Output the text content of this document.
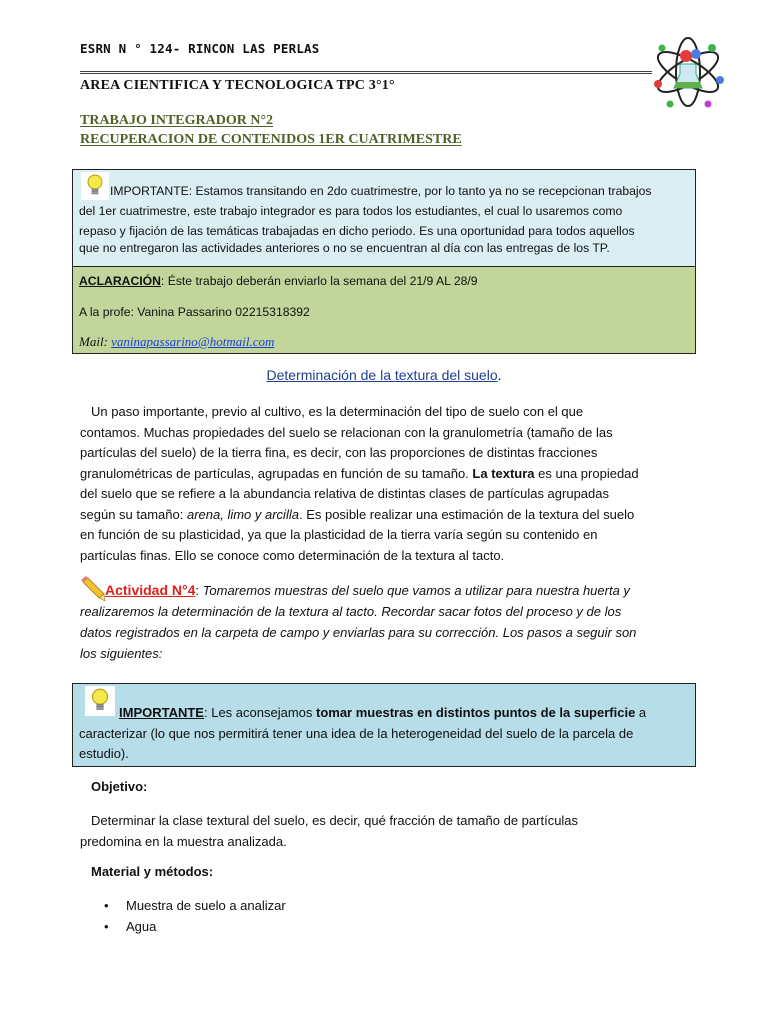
ESRN N ° 124- RINCON LAS PERLAS
AREA CIENTIFICA Y TECNOLOGICA TPC 3°1°
TRABAJO INTEGRADOR N°2
RECUPERACION DE CONTENIDOS 1ER CUATRIMESTRE
IMPORTANTE: Estamos transitando en 2do cuatrimestre, por lo tanto ya no se recepcionan trabajos
del 1er cuatrimestre, este trabajo integrador es para todos los estudiantes, el cual lo usaremos como
repaso y fijación de las temáticas trabajadas en dicho periodo. Es una oportunidad para todos aquellos
que no entregaron las actividades anteriores o no se encuentran al día con las entregas de los TP.
ACLARACIÓN: Éste trabajo deberán enviarlo la semana del 21/9 AL 28/9
A la profe: Vanina Passarino 02215318392
Mail: vaninapassarino@hotmail.com
Determinación de la textura del suelo.
Un paso importante, previo al cultivo, es la determinación del tipo de suelo con el que
contamos. Muchas propiedades del suelo se relacionan con la granulometría (tamaño de las
partículas del suelo) de la tierra fina, es decir, con las proporciones de distintas fracciones
granulométricas de partículas, agrupadas en función de su tamaño. La textura es una propiedad
del suelo que se refiere a la abundancia relativa de distintas clases de partículas agrupadas
según su tamaño: arena, limo y arcilla. Es posible realizar una estimación de la textura del suelo
en función de su plasticidad, ya que la plasticidad de la tierra varía según su contenido en
partículas finas. Ello se conoce como determinación de la textura al tacto.
Actividad N°4: Tomaremos muestras del suelo que vamos a utilizar para nuestra huerta y
realizaremos la determinación de la textura al tacto. Recordar sacar fotos del proceso y de los
datos registrados en la carpeta de campo y enviarlas para su corrección. Los pasos a seguir son
los siguientes:
IMPORTANTE: Les aconsejamos tomar muestras en distintos puntos de la superficie a
caracterizar (lo que nos permitirá tener una idea de la heterogeneidad del suelo de la parcela de
estudio).
Objetivo:
Determinar la clase textural del suelo, es decir, qué fracción de tamaño de partículas
predomina en la muestra analizada.
Material y métodos:
• Muestra de suelo a analizar
• Agua
